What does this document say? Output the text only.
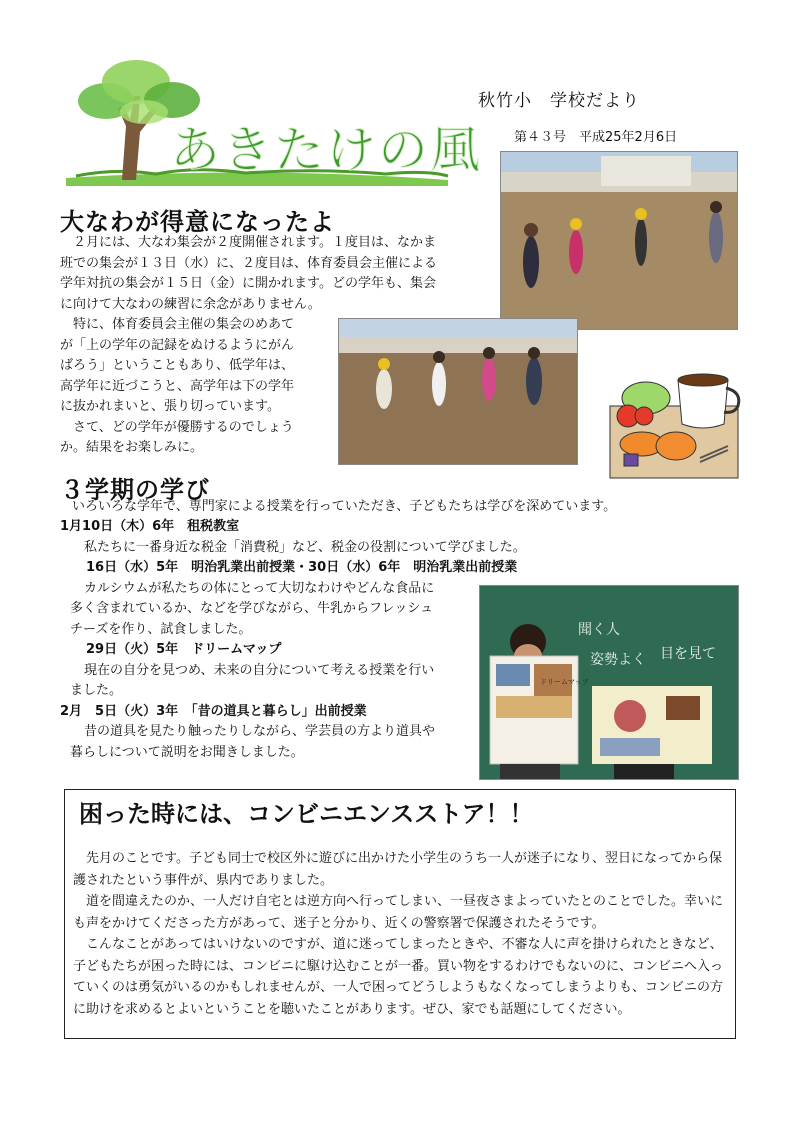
あきたけの風
秋竹小　学校だより
第４３号　平成25年2月6日
大なわが得意になったよ

２月には、大なわ集会が２度開催されます。１度目は、なかま

班での集会が１３日（水）に、２度目は、体育委員会主催による

学年対抗の集会が１５日（金）に開かれます。どの学年も、集会

に向けて大なわの練習に余念がありません。

特に、体育委員会主催の集会のめあて

が「上の学年の記録をぬけるようにがん

ばろう」ということもあり、低学年は、

高学年に近づこうと、高学年は下の学年

に抜かれまいと、張り切っています。

さて、どの学年が優勝するのでしょう

か。結果をお楽しみに。

３学期の学び
いろいろな学年で、専門家による授業を行っていただき、子どもたちは学びを深めています。

1月10日（木）6年　租税教室

私たちに一番身近な税金「消費税」など、税金の役割について学びました。

16日（水）5年　明治乳業出前授業・30日（水）6年　明治乳業出前授業

カルシウムが私たちの体にとって大切なわけやどんな食品に

多く含まれているか、などを学びながら、牛乳からフレッシュ

チーズを作り、試食しました。

29日（火）5年　ドリームマップ

現在の自分を見つめ、未来の自分について考える授業を行い

ました。

2月　5日（火）3年　「昔の道具と暮らし」出前授業

昔の道具を見たり触ったりしながら、学芸員の方より道具や

暮らしについて説明をお聞きしました。

聞く人
姿勢よく 目を見て
ドリームマップ
困った時には、コンビニエンスストア！！

先月のことです。子ども同士で校区外に遊びに出かけた小学生のうち一人が迷子になり、翌日になってから保護されたという事件が、県内でありました。

道を間違えたのか、一人だけ自宅とは逆方向へ行ってしまい、一昼夜さまよっていたとのことでした。幸いにも声をかけてくださった方があって、迷子と分かり、近くの警察署で保護されたそうです。

こんなことがあってはいけないのですが、道に迷ってしまったときや、不審な人に声を掛けられたときなど、子どもたちが困った時には、コンビニに駆け込むことが一番。買い物をするわけでもないのに、コンビニへ入っていくのは勇気がいるのかもしれませんが、一人で困ってどうしようもなくなってしまうよりも、コンビニの方に助けを求めるとよいということを聴いたことがあります。ぜひ、家でも話題にしてください。
